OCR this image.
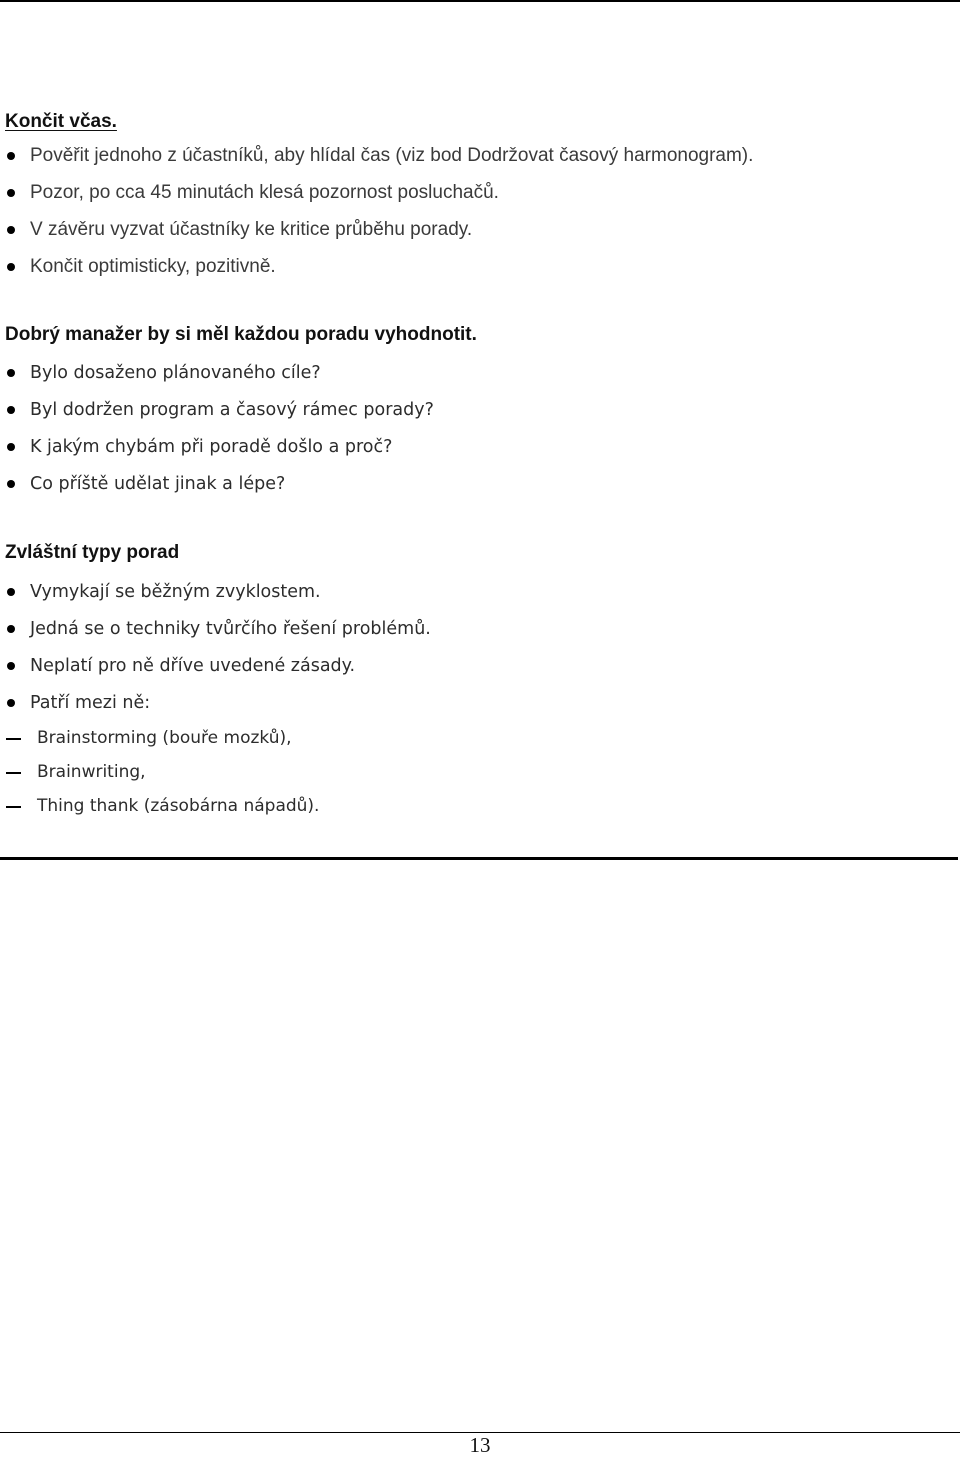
Končit včas.
Pověřit jednoho z účastníků, aby hlídal čas (viz bod Dodržovat časový harmonogram).
Pozor, po cca 45 minutách klesá pozornost posluchačů.
V závěru vyzvat účastníky ke kritice průběhu porady.
Končit optimisticky, pozitivně.
Dobrý manažer by si měl každou poradu vyhodnotit.
Bylo dosaženo plánovaného cíle?
Byl dodržen program a časový rámec porady?
K jakým chybám při poradě došlo a proč?
Co příště udělat jinak a lépe?
Zvláštní typy porad
Vymykají se běžným zvyklostem.
Jedná se o techniky tvůrčího řešení problémů.
Neplatí pro ně dříve uvedené zásady.
Patří mezi ně:
Brainstorming (bouře mozků),
Brainwriting,
Thing thank (zásobárna nápadů).
13
